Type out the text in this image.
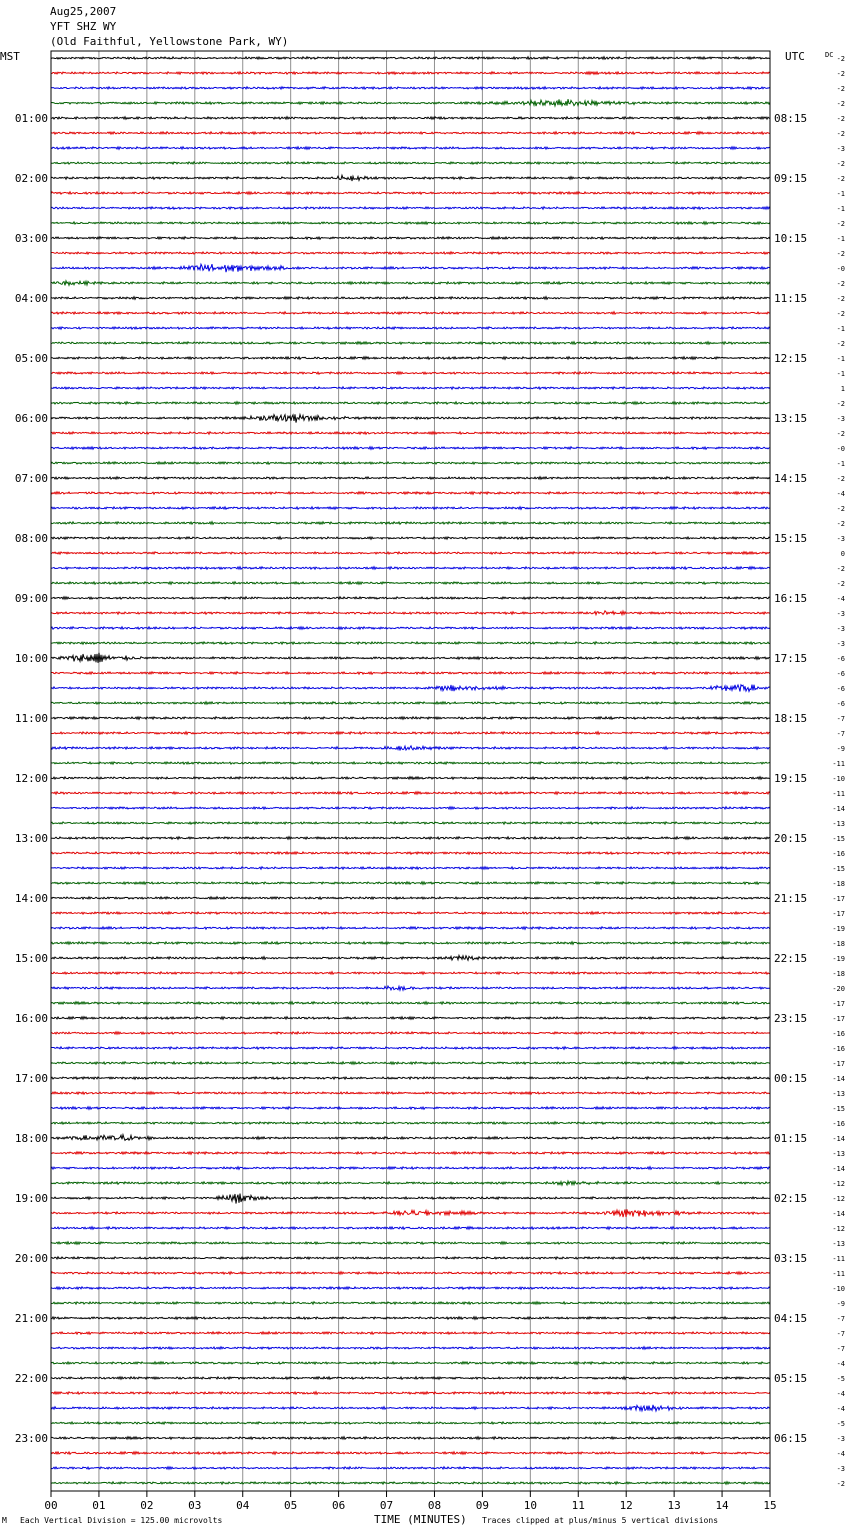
Aug25,2007
YFT SHZ WY
(Old Faithful, Yellowstone Park, WY)
MST	UTC	DC
00	01	02	03	04	05	06	07	08	09	10	11	12	13	14	15
01:00
02:00
03:00
04:00
05:00
06:00
07:00
08:00
09:00
10:00
11:00
12:00
13:00
14:00
15:00
16:00
17:00
18:00
19:00
20:00
21:00
22:00
23:00
08:15
09:15
10:15
11:15
12:15
13:15
14:15
15:15
16:15
17:15
18:15
19:15
20:15
21:15
22:15
23:15
00:15
01:15
02:15
03:15
04:15
05:15
06:15
-2
-2
-2
-2
-2
-2
-3
-2
-2
-1
-1
-2
-1
-2
-0
-2
-2
-2
-1
-2
-1
-1
1
-2
-3
-2
-0
-1
-2
-4
-2
-2
-3
0
-2
-2
-4
-3
-3
-3
-6
-6
-6
-6
-7
-7
-9
-11
-10
-11
-14
-13
-15
-16
-15
-18
-17
-17
-19
-18
-19
-18
-20
-17
-17
-16
-16
-17
-14
-13
-15
-16
-14
-13
-14
-12
-12
-14
-12
-13
-11
-11
-10
-9
-7
-7
-7
-4
-5
-4
-4
-5
-3
-4
-3
-2
TIME (MINUTES)
M Each Vertical Division = 125.00 microvolts	Traces clipped at plus/minus 5 vertical divisions
